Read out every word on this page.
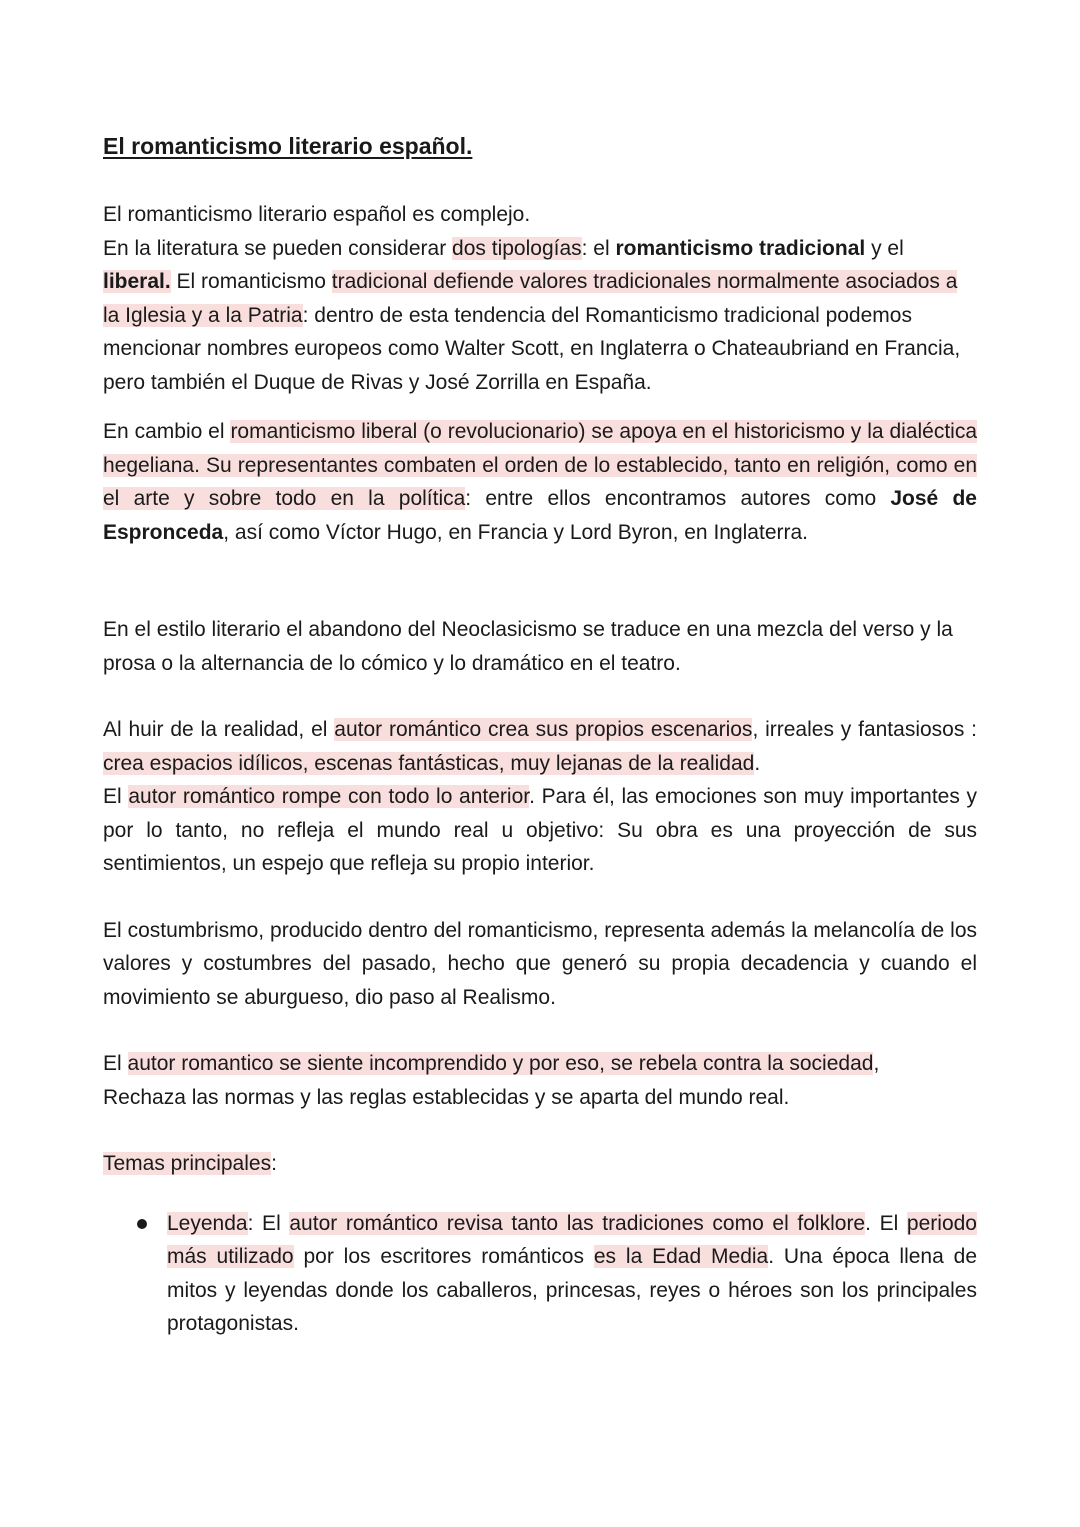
El romanticismo literario español.

El romanticismo literario español es complejo.
En la literatura se pueden considerar dos tipologías: el romanticismo tradicional y el liberal. El romanticismo tradicional defiende valores tradicionales normalmente asociados a la Iglesia y a la Patria: dentro de esta tendencia del Romanticismo tradicional podemos mencionar nombres europeos como Walter Scott, en Inglaterra o Chateaubriand en Francia, pero también el Duque de Rivas y José Zorrilla en España.

En cambio el romanticismo liberal (o revolucionario) se apoya en el historicismo y la dialéctica hegeliana. Su representantes combaten el orden de lo establecido, tanto en religión, como en el arte y sobre todo en la política: entre ellos encontramos autores como José de Espronceda, así como Víctor Hugo, en Francia y Lord Byron, en Inglaterra.

En el estilo literario el abandono del Neoclasicismo se traduce en una mezcla del verso y la prosa o la alternancia de lo cómico y lo dramático en el teatro.

Al huir de la realidad, el autor romántico crea sus propios escenarios, irreales y fantasiosos : crea espacios idílicos, escenas fantásticas, muy lejanas de la realidad.
El autor romántico rompe con todo lo anterior. Para él, las emociones son muy importantes y por lo tanto, no refleja el mundo real u objetivo: Su obra es una proyección de sus sentimientos, un espejo que refleja su propio interior.

El costumbrismo, producido dentro del romanticismo, representa además la melancolía de los valores y costumbres del pasado, hecho que generó su propia decadencia y cuando el movimiento se aburgueso, dio paso al Realismo.

El autor romantico se siente incomprendido y por eso, se rebela contra la sociedad,
Rechaza las normas y las reglas establecidas y se aparta del mundo real.

Temas principales:

Leyenda: El autor romántico revisa tanto las tradiciones como el folklore. El periodo más utilizado por los escritores románticos es la Edad Media. Una época llena de mitos y leyendas donde los caballeros, princesas, reyes o héroes son los principales protagonistas.
